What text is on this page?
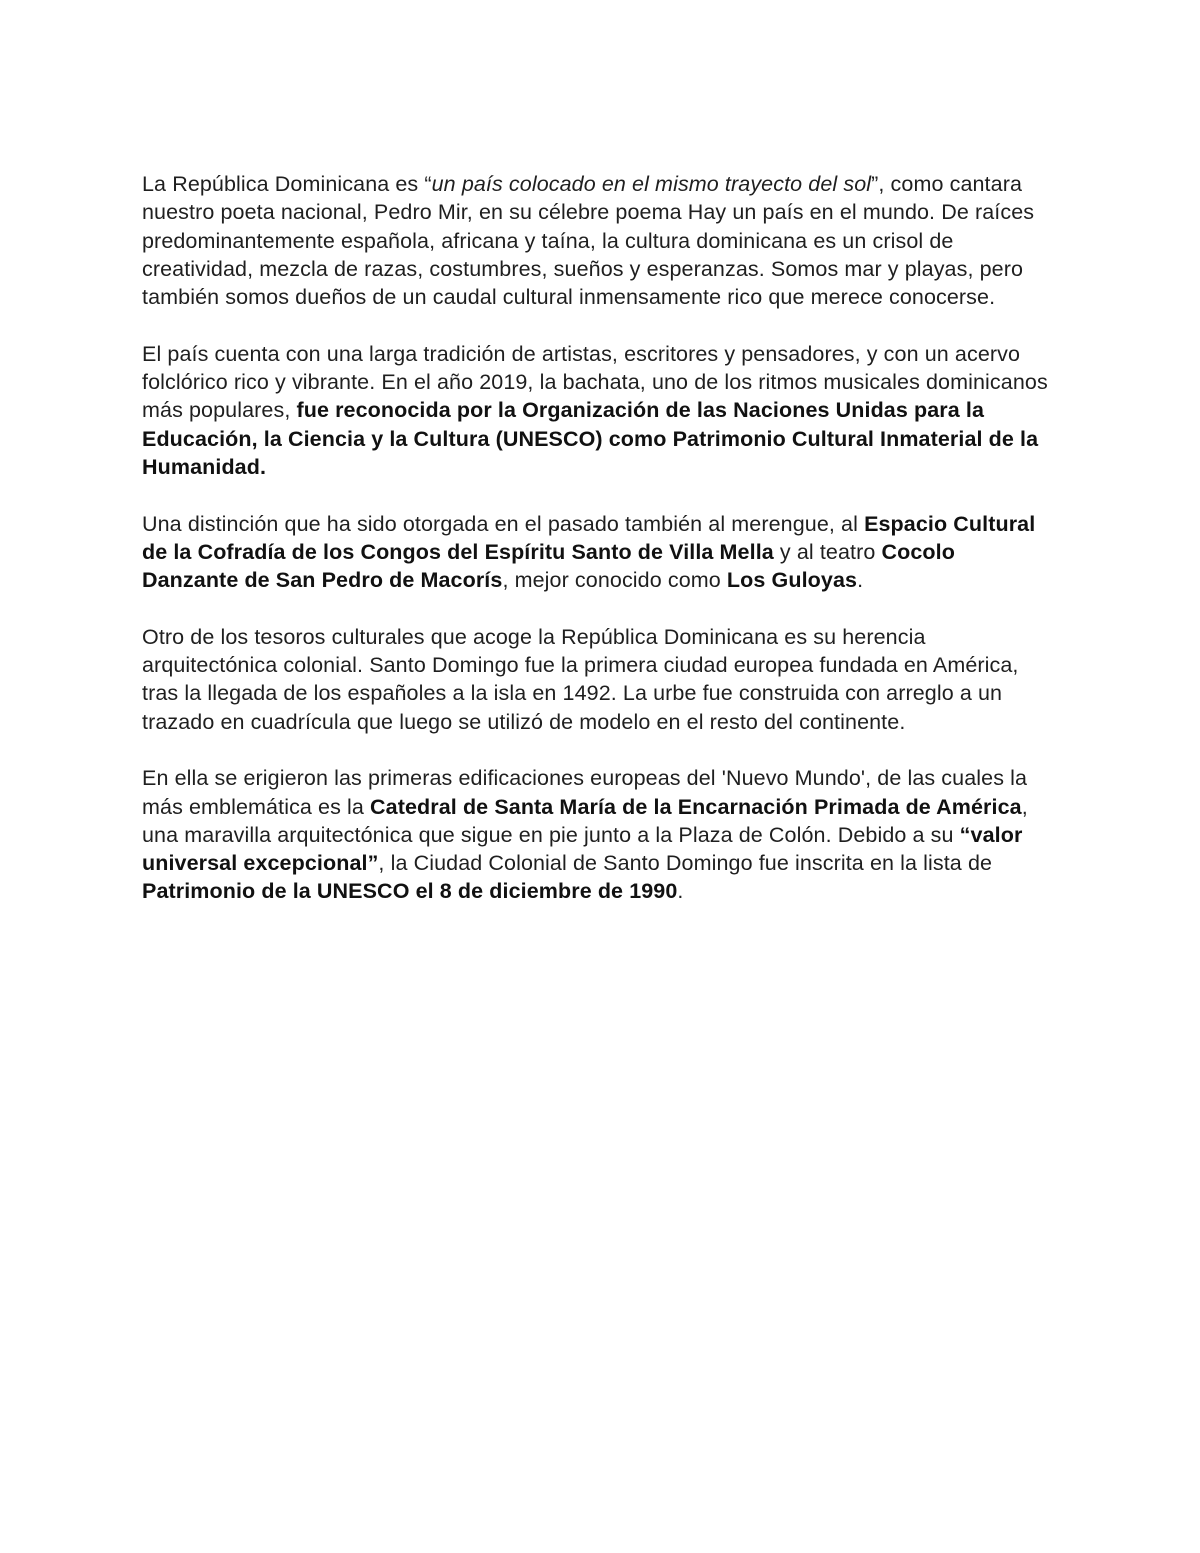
La República Dominicana es “un país colocado en el mismo trayecto del sol”, como cantara nuestro poeta nacional, Pedro Mir, en su célebre poema Hay un país en el mundo. De raíces predominantemente española, africana y taína, la cultura dominicana es un crisol de creatividad, mezcla de razas, costumbres, sueños y esperanzas. Somos mar y playas, pero también somos dueños de un caudal cultural inmensamente rico que merece conocerse.

El país cuenta con una larga tradición de artistas, escritores y pensadores, y con un acervo folclórico rico y vibrante. En el año 2019, la bachata, uno de los ritmos musicales dominicanos más populares, fue reconocida por la Organización de las Naciones Unidas para la Educación, la Ciencia y la Cultura (UNESCO) como Patrimonio Cultural Inmaterial de la Humanidad.

Una distinción que ha sido otorgada en el pasado también al merengue, al Espacio Cultural de la Cofradía de los Congos del Espíritu Santo de Villa Mella y al teatro Cocolo Danzante de San Pedro de Macorís, mejor conocido como Los Guloyas.

Otro de los tesoros culturales que acoge la República Dominicana es su herencia arquitectónica colonial. Santo Domingo fue la primera ciudad europea fundada en América, tras la llegada de los españoles a la isla en 1492. La urbe fue construida con arreglo a un trazado en cuadrícula que luego se utilizó de modelo en el resto del continente.

En ella se erigieron las primeras edificaciones europeas del 'Nuevo Mundo', de las cuales la más emblemática es la Catedral de Santa María de la Encarnación Primada de América, una maravilla arquitectónica que sigue en pie junto a la Plaza de Colón. Debido a su “valor universal excepcional”, la Ciudad Colonial de Santo Domingo fue inscrita en la lista de Patrimonio de la UNESCO el 8 de diciembre de 1990.
